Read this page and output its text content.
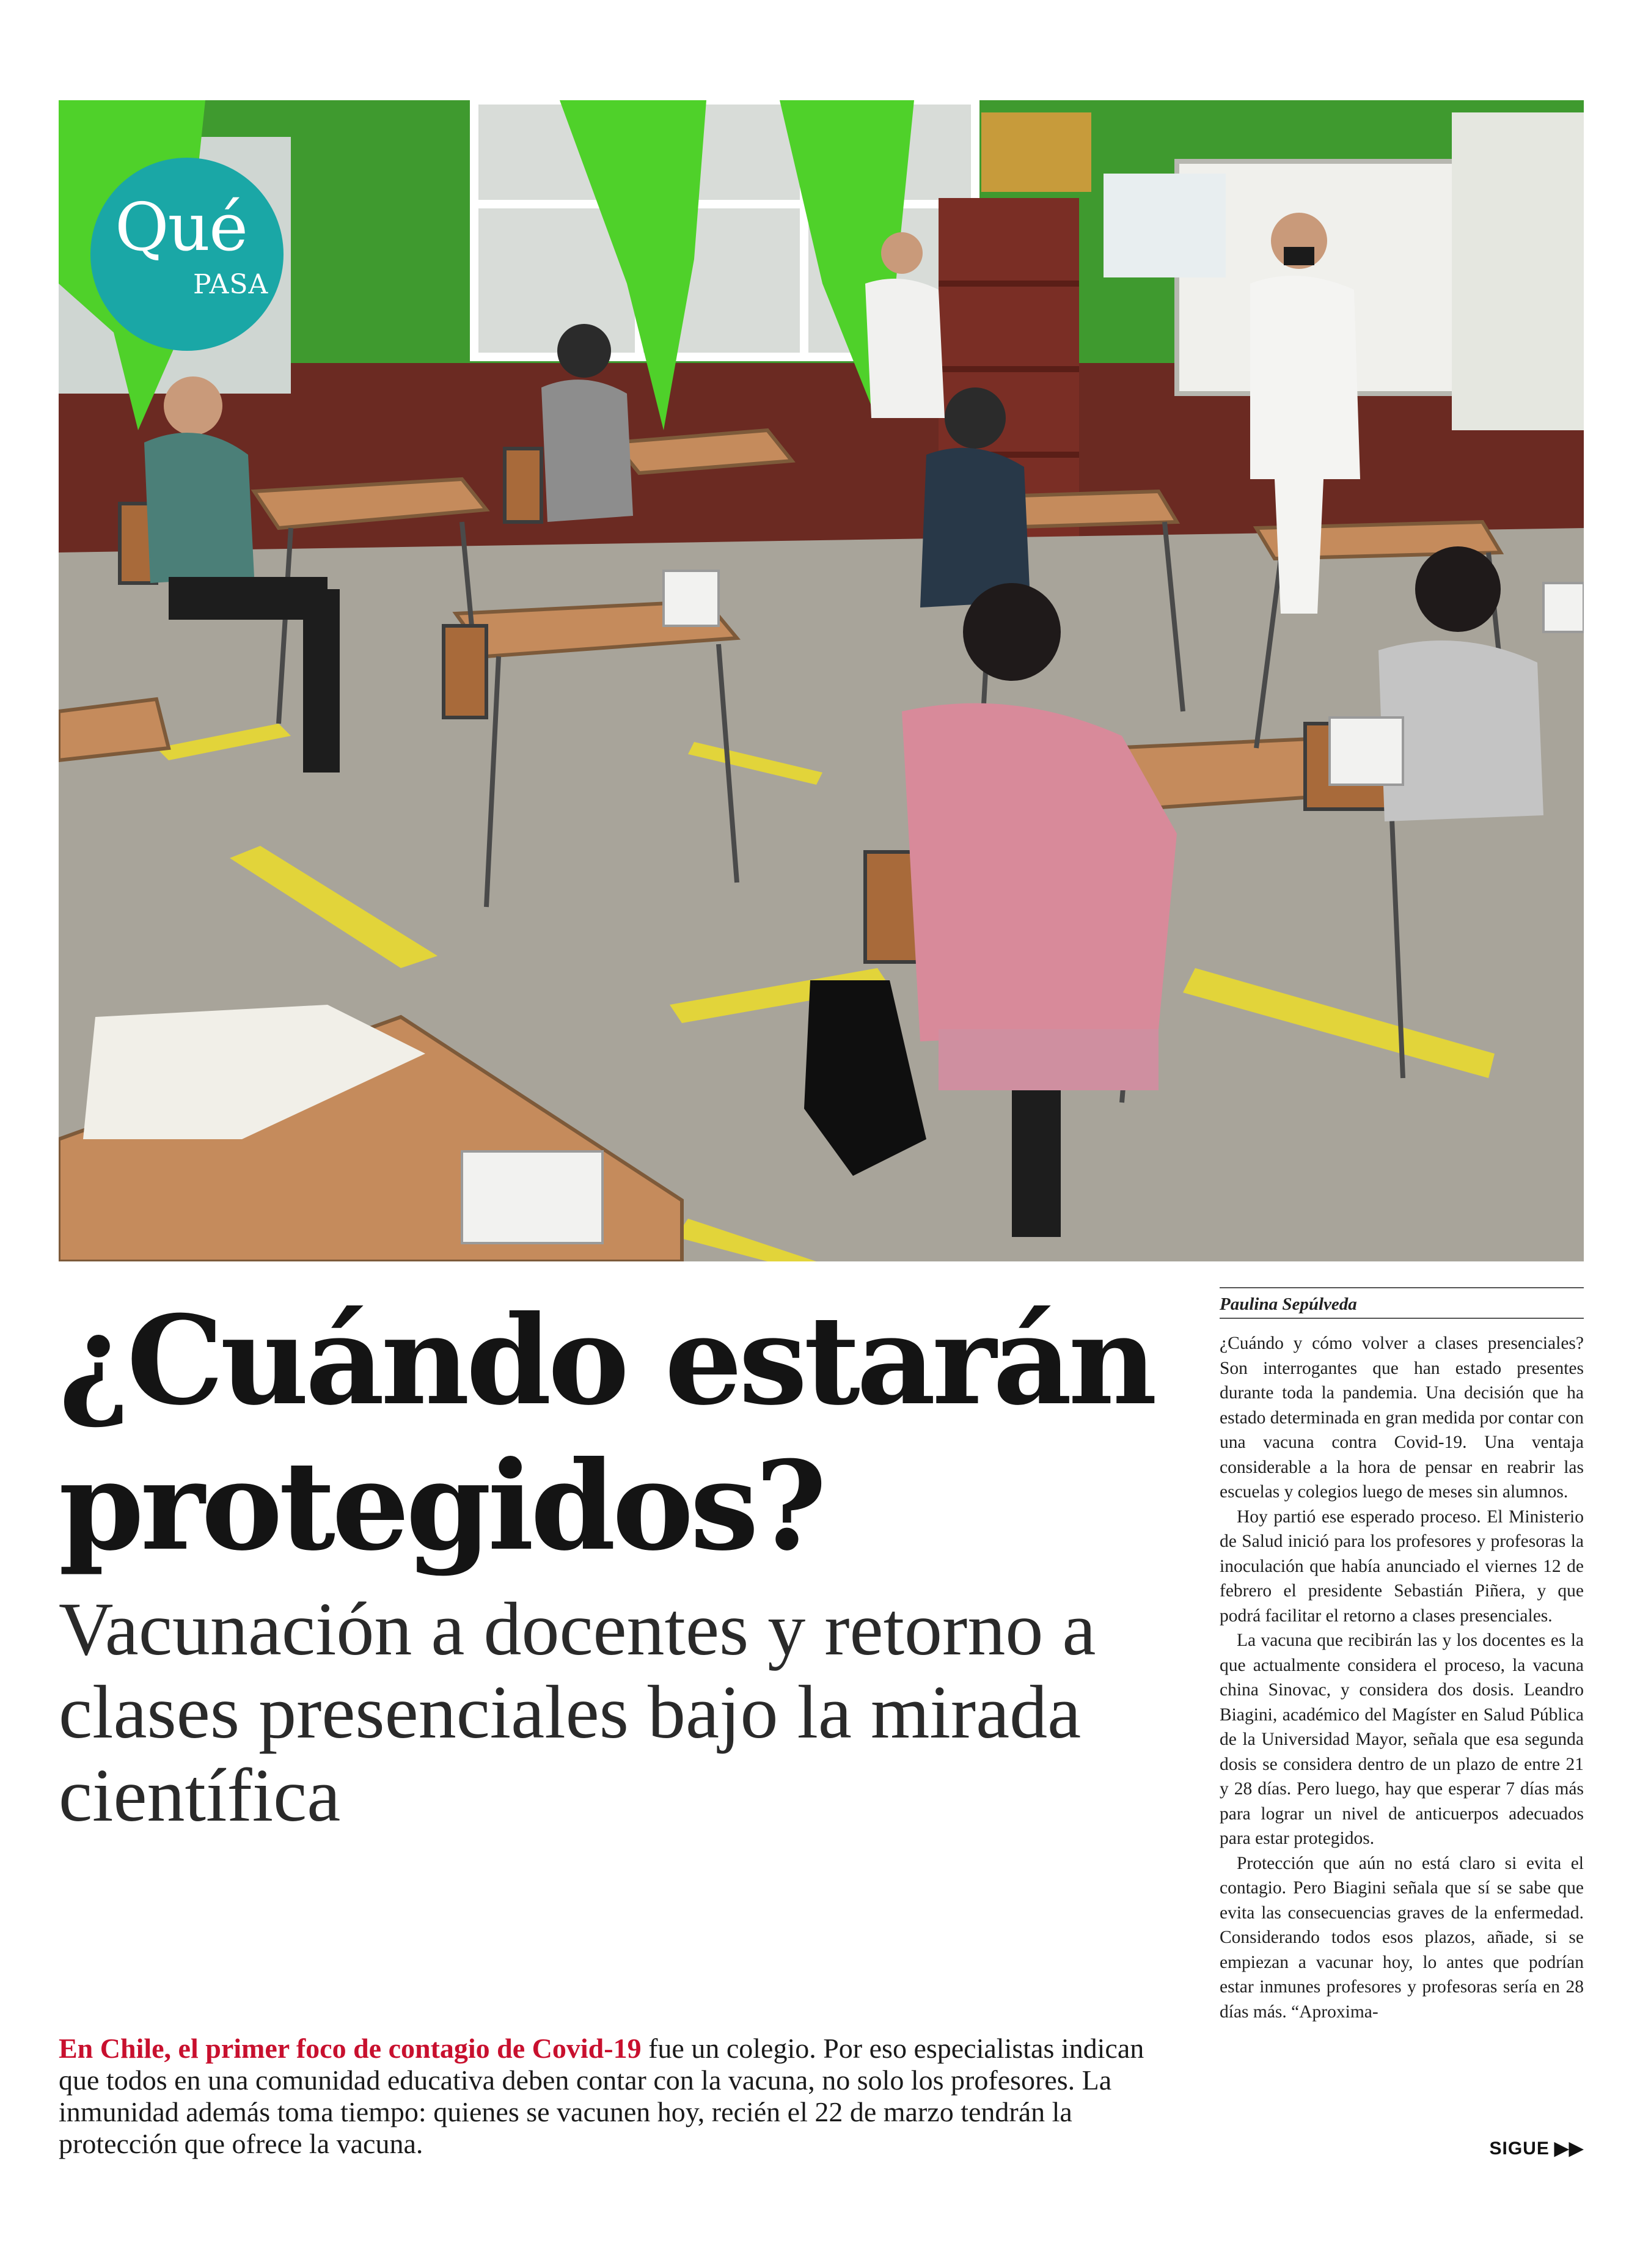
Qué
PASA
¿Cuándo estarán protegidos?
Vacunación a docentes y retorno a clases presenciales bajo la mirada científica

En Chile, el primer foco de contagio de Covid-19 fue un colegio. Por eso especialistas indican que todos en una comunidad educativa deben contar con la vacuna, no solo los profesores. La inmunidad además toma tiempo: quienes se vacunen hoy, recién el 22 de marzo tendrán la protección que ofrece la vacuna.

Paulina Sepúlveda

¿Cuándo y cómo volver a clases presenciales? Son interrogantes que han estado presentes durante toda la pandemia. Una decisión que ha estado determinada en gran medida por contar con una vacuna contra Covid-19. Una ventaja considerable a la hora de pensar en reabrir las escuelas y colegios luego de meses sin alumnos.

Hoy partió ese esperado proceso. El Ministerio de Salud inició para los profesores y profesoras la inoculación que había anunciado el viernes 12 de febrero el presidente Sebastián Piñera, y que podrá facilitar el retorno a clases presenciales.

La vacuna que recibirán las y los docentes es la que actualmente considera el proceso, la vacuna china Sinovac, y considera dos dosis. Leandro Biagini, académico del Magíster en Salud Pública de la Universidad Mayor, señala que esa segunda dosis se considera dentro de un plazo de entre 21 y 28 días. Pero luego, hay que esperar 7 días más para lograr un nivel de anticuerpos adecuados para estar protegidos.

Protección que aún no está claro si evita el contagio. Pero Biagini señala que sí se sabe que evita las consecuencias graves de la enfermedad. Considerando todos esos plazos, añade, si se empiezan a vacunar hoy, lo antes que podrían estar inmunes profesores y profesoras sería en 28 días más. “Aproxima-

SIGUE ▶▶
